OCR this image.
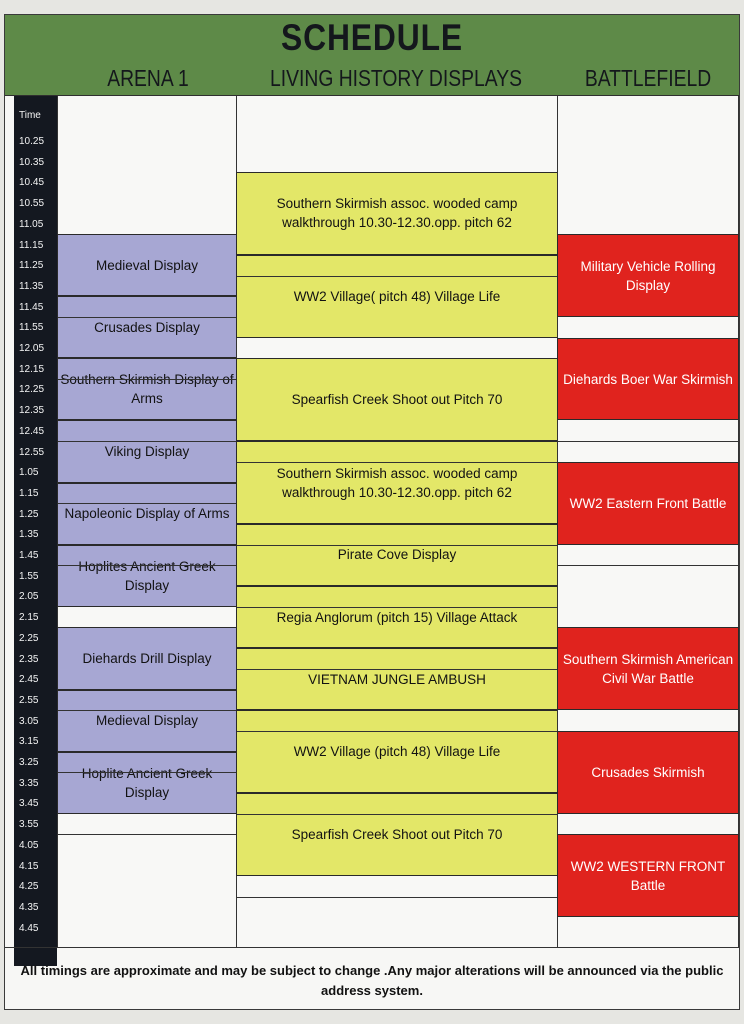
SCHEDULE
ARENA 1	LIVING HISTORY DISPLAYS	BATTLEFIELD
Time
10.25
10.35
10.45
10.55
11.05
11.15
11.25
11.35
11.45
11.55
12.05
12.15
12.25
12.35
12.45
12.55
1.05
1.15
1.25
1.35
1.45
1.55
2.05
2.15
2.25
2.35
2.45
2.55
3.05
3.15
3.25
3.35
3.45
3.55
4.05
4.15
4.25
4.35
4.45
Medieval Display
Crusades Display
Southern Skirmish Display of Arms
Viking Display
Napoleonic Display of Arms
Hoplites Ancient Greek Display
Diehards Drill Display
Medieval Display
Hoplite Ancient Greek Display
Southern Skirmish assoc. wooded camp walkthrough 10.30-12.30.opp. pitch 62
WW2 Village( pitch 48) Village Life
Spearfish Creek Shoot out Pitch 70
Southern Skirmish assoc. wooded camp walkthrough 10.30-12.30.opp. pitch 62
Pirate Cove Display
Regia Anglorum (pitch 15) Village Attack
VIETNAM JUNGLE AMBUSH
WW2 Village (pitch 48) Village Life
Spearfish Creek Shoot out Pitch 70
Military Vehicle Rolling Display
Diehards Boer War Skirmish
WW2 Eastern Front Battle
Southern Skirmish American Civil War Battle
Crusades Skirmish
WW2 WESTERN FRONT Battle
All timings are approximate and may be subject to change .Any major alterations will be announced via the public address system.
